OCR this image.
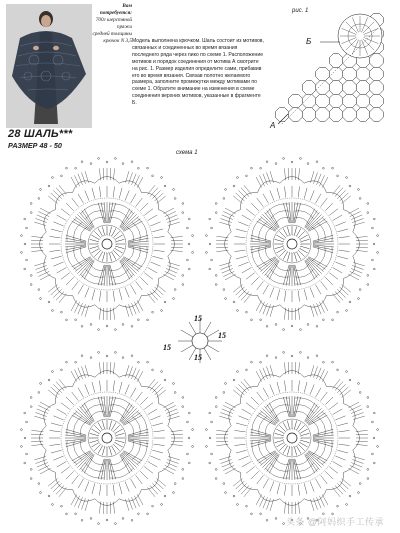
Вам потребуется:
700г шерстяной пряжи
средней толщины
крючок N 3,5 Модель выполнена крючком. Шаль состоит из мотивов, связанных и соединенных во время вязания последнего ряда через пико по схеме 1. Расположение мотивов и порядок соединения от мотива А смотрите на рис. 1. Размер изделия определите сами, прибавив его во время вязания. Связав полотно желаемого размера, заполните промежутки между мотивами по схеме 1. Обратите внимание на изменения в схеме соединения верхних мотивов, указанные в фрагменте Б.
28 ШАЛЬ***
РАЗМЕР 48 - 50
рис. 1
Б
А
схема 1
15
15
15
15
头条 @阿妈织手工传承
